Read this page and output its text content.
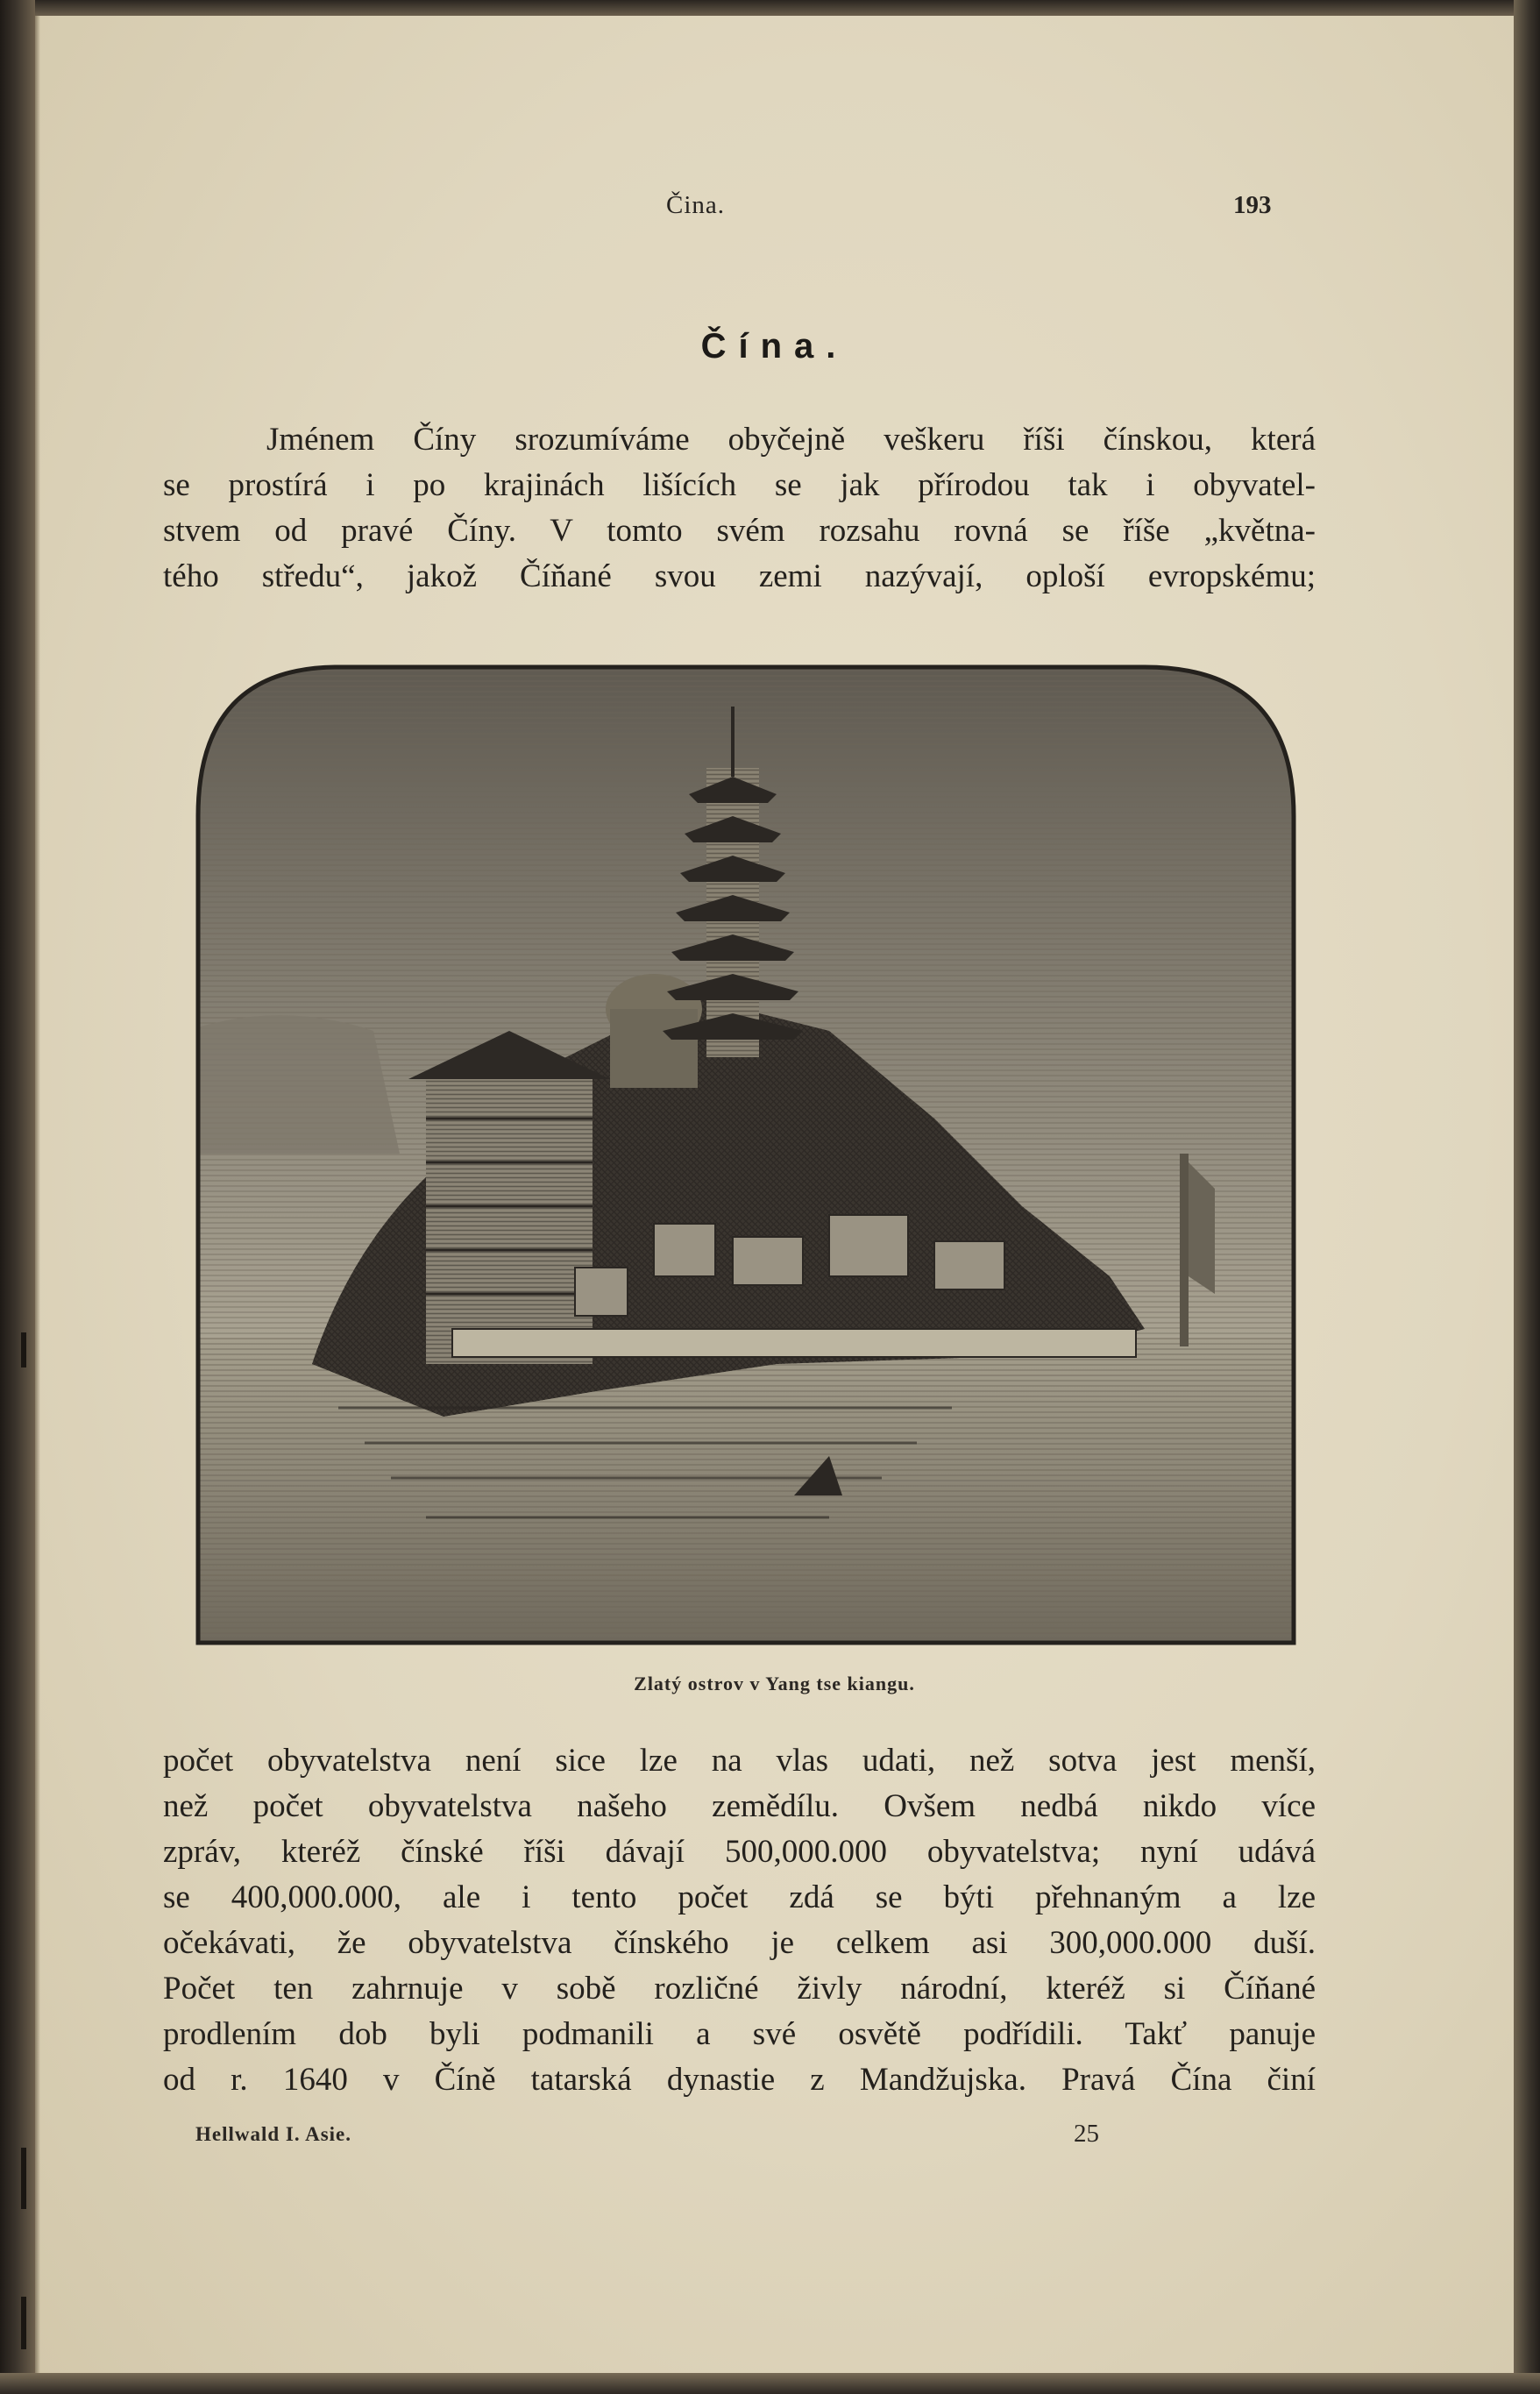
Čina.	193
Čína.
Jménem Číny srozumíváme obyčejně veškeru říši čínskou, která
se prostírá i po krajinách lišících se jak přírodou tak i obyvatel-
stvem od pravé Číny. V tomto svém rozsahu rovná se říše „května-
tého středu“, jakož Číňané svou zemi nazývají, oploší evropskému;
Zlatý ostrov v Yang tse kiangu.
počet obyvatelstva není sice lze na vlas udati, než sotva jest menší,
než počet obyvatelstva našeho zemědílu. Ovšem nedbá nikdo více
zpráv, kteréž čínské říši dávají 500,000.000 obyvatelstva; nyní udává
se 400,000.000, ale i tento počet zdá se býti přehnaným a lze
očekávati, že obyvatelstva čínského je celkem asi 300,000.000 duší.
Počet ten zahrnuje v sobě rozličné živly národní, kteréž si Číňané
prodlením dob byli podmanili a své osvětě podřídili. Takť panuje
od r. 1640 v Číně tatarská dynastie z Mandžujska. Pravá Čína činí
Hellwald I. Asie.	25
